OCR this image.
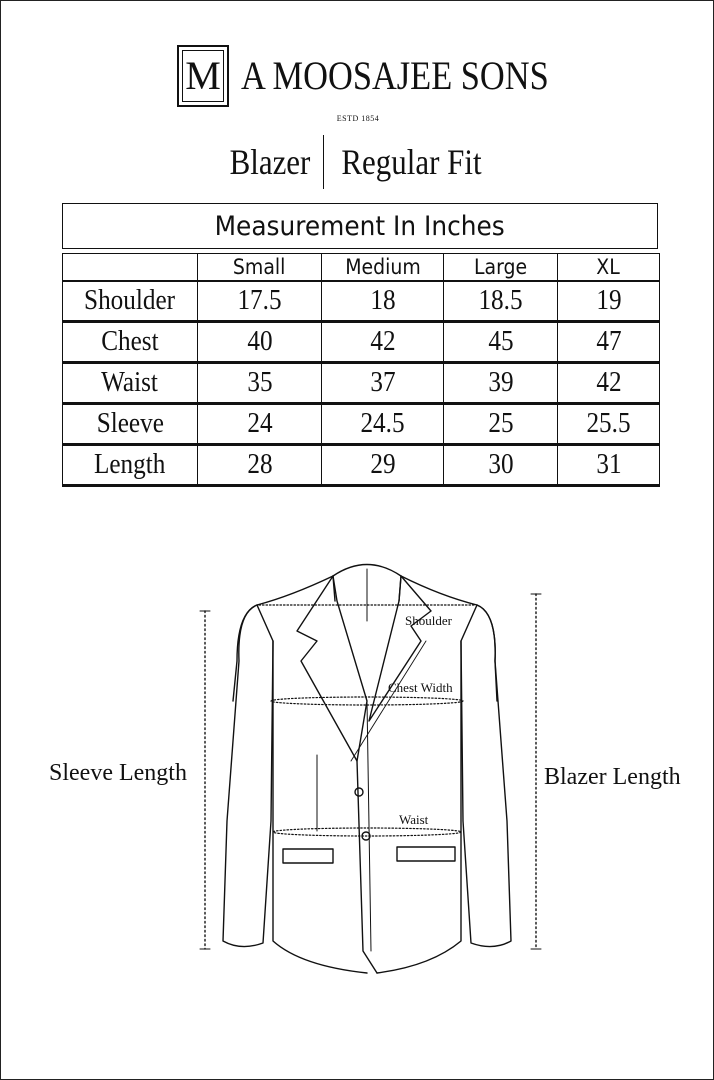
M A MOOSAJEE SONS
ESTD 1854
Blazer Regular Fit
Measurement In Inches
	Small	Medium	Large	XL
Shoulder	17.5	18	18.5	19
Chest	40	42	45	47
Waist	35	37	39	42
Sleeve	24	24.5	25	25.5
Length	28	29	30	31
Shoulder
Chest Width
Waist
Sleeve Length	Blazer Length
